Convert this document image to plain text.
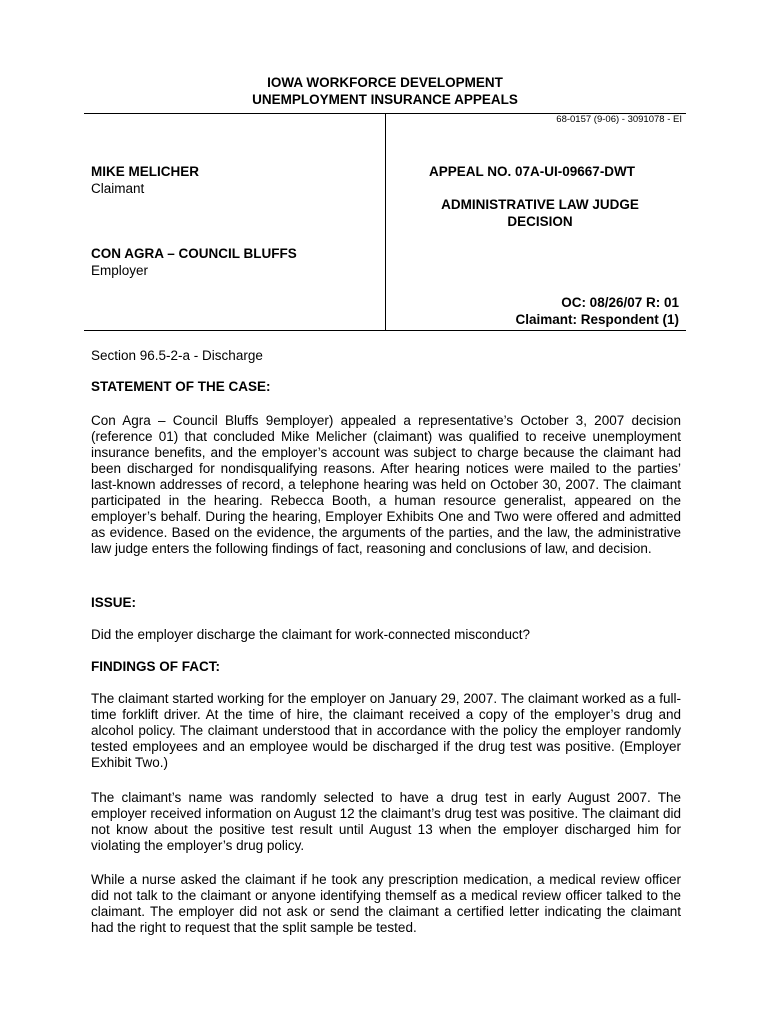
IOWA WORKFORCE DEVELOPMENT
UNEMPLOYMENT INSURANCE APPEALS
68-0157 (9-06) - 3091078 - EI
MIKE MELICHER
Claimant
CON AGRA – COUNCIL BLUFFS
Employer
APPEAL NO. 07A-UI-09667-DWT
ADMINISTRATIVE LAW JUDGE
DECISION
OC: 08/26/07 R: 01
Claimant: Respondent (1)
Section 96.5-2-a - Discharge
STATEMENT OF THE CASE:

Con Agra – Council Bluffs 9employer) appealed a representative’s October 3, 2007 decision (reference 01) that concluded Mike Melicher (claimant) was qualified to receive unemployment insurance benefits, and the employer’s account was subject to charge because the claimant had been discharged for nondisqualifying reasons. After hearing notices were mailed to the parties’ last-known addresses of record, a telephone hearing was held on October 30, 2007. The claimant participated in the hearing. Rebecca Booth, a human resource generalist, appeared on the employer’s behalf. During the hearing, Employer Exhibits One and Two were offered and admitted as evidence. Based on the evidence, the arguments of the parties, and the law, the administrative law judge enters the following findings of fact, reasoning and conclusions of law, and decision.

ISSUE:

Did the employer discharge the claimant for work-connected misconduct?

FINDINGS OF FACT:

The claimant started working for the employer on January 29, 2007. The claimant worked as a full-time forklift driver. At the time of hire, the claimant received a copy of the employer’s drug and alcohol policy. The claimant understood that in accordance with the policy the employer randomly tested employees and an employee would be discharged if the drug test was positive. (Employer Exhibit Two.)

The claimant’s name was randomly selected to have a drug test in early August 2007. The employer received information on August 12 the claimant’s drug test was positive. The claimant did not know about the positive test result until August 13 when the employer discharged him for violating the employer’s drug policy.

While a nurse asked the claimant if he took any prescription medication, a medical review officer did not talk to the claimant or anyone identifying themself as a medical review officer talked to the claimant. The employer did not ask or send the claimant a certified letter indicating the claimant had the right to request that the split sample be tested.
